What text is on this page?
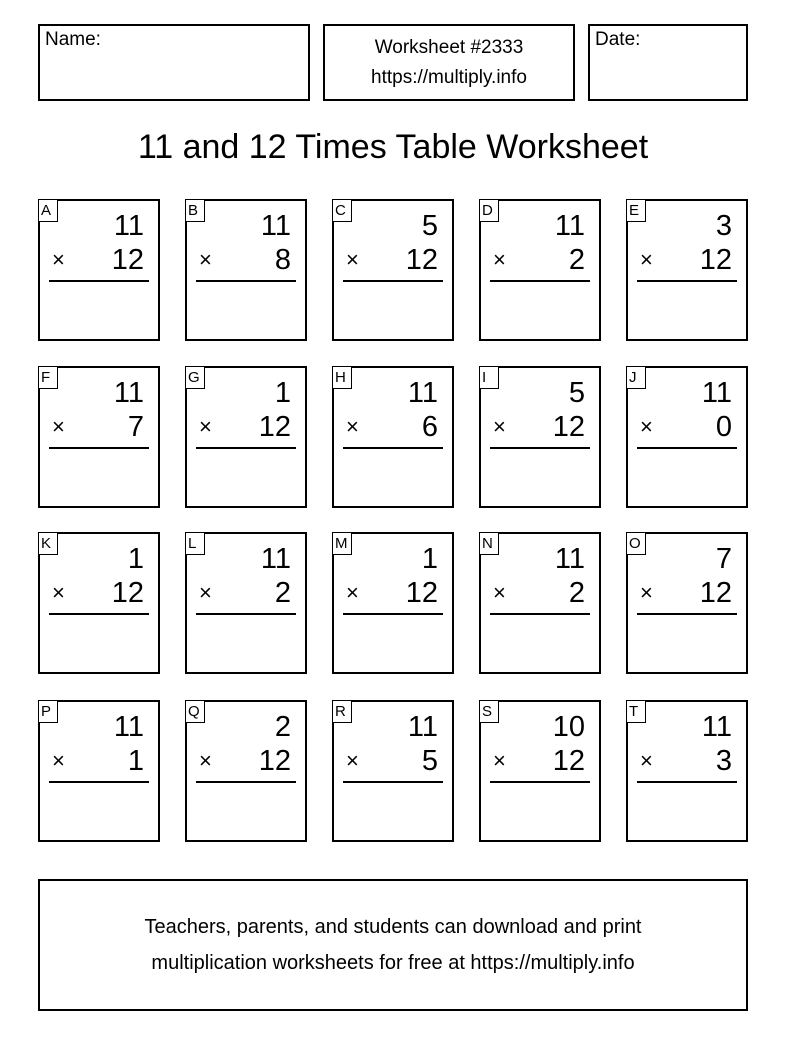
Name:	Worksheet #2333
https://multiply.info
Date:
11 and 12 Times Table Worksheet
A 11
× 12
B 11
× 8
C	5
× 12
D 11
× 2
E	3
× 12
F 11
× 7
G	1
× 12
H 11
× 6
I	5
× 12
J	11
× 0
K	1
× 12
L 11
× 2
M	1
× 12
N 11
× 2
O	7
× 12
P 11
× 1
Q	2
× 12
R 11
× 5
S 10
× 12
T 11
× 3
Teachers, parents, and students can download and print
multiplication worksheets for free at https://multiply.info
